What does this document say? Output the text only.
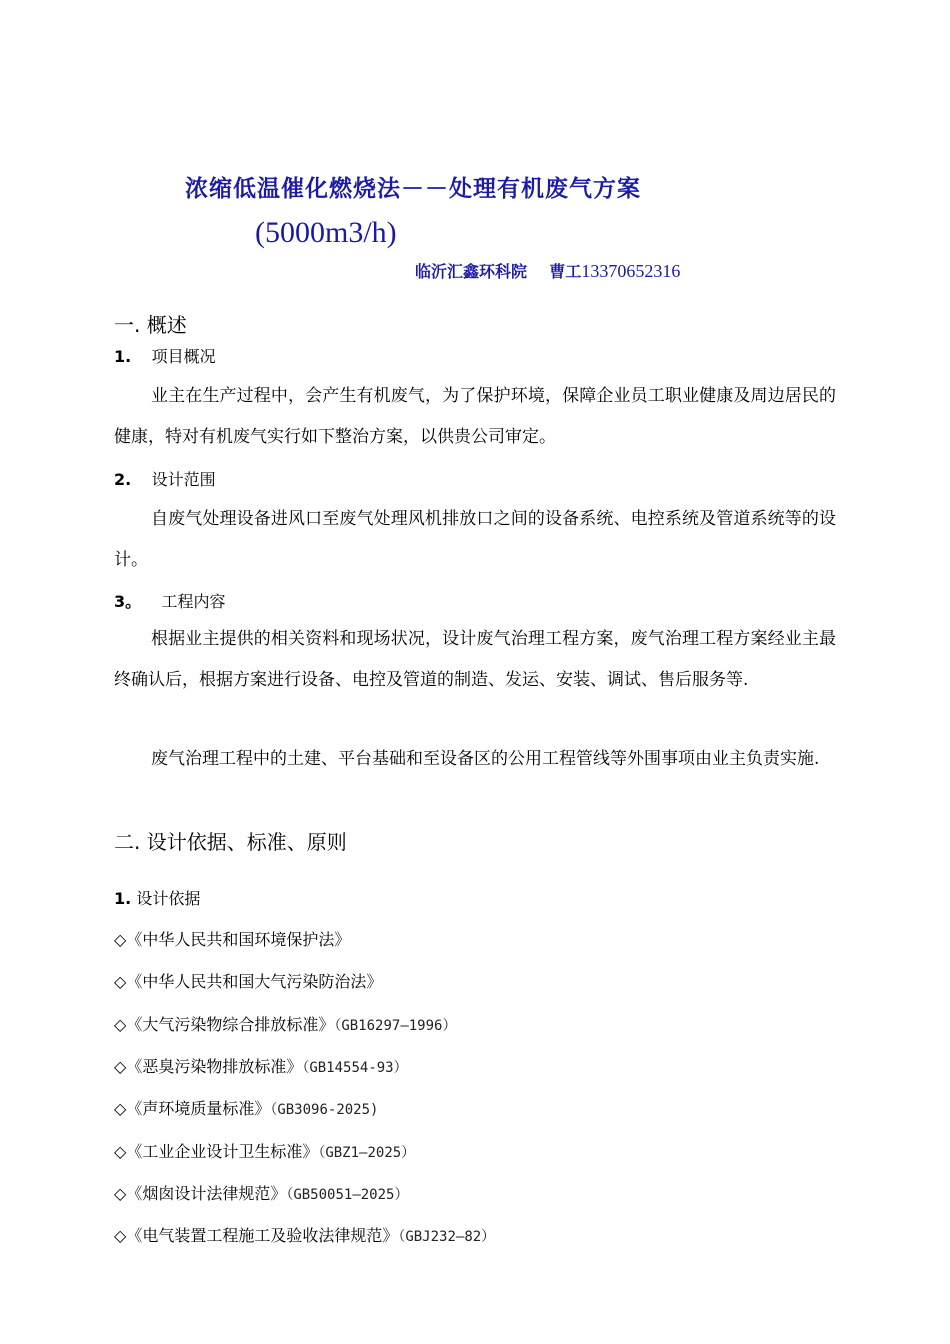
浓缩低温催化燃烧法－－处理有机废气方案
(5000m3/h)
临沂汇鑫环科院 曹工13370652316
一. 概述
1. 项目概况
业主在生产过程中，会产生有机废气，为了保护环境，保障企业员工职业健康及周边居民的健康，特对有机废气实行如下整治方案，以供贵公司审定。
2. 设计范围
自废气处理设备进风口至废气处理风机排放口之间的设备系统、电控系统及管道系统等的设计。
3。 工程内容
根据业主提供的相关资料和现场状况，设计废气治理工程方案，废气治理工程方案经业主最终确认后，根据方案进行设备、电控及管道的制造、发运、安装、调试、售后服务等.
废气治理工程中的土建、平台基础和至设备区的公用工程管线等外围事项由业主负责实施.
二. 设计依据、标准、原则
1. 设计依据
◇《中华人民共和国环境保护法》
◇《中华人民共和国大气污染防治法》
◇《大气污染物综合排放标准》（GB16297—1996）
◇《恶臭污染物排放标准》（GB14554-93）
◇《声环境质量标准》（GB3096-2025)
◇《工业企业设计卫生标准》（GBZ1—2025）
◇《烟囱设计法律规范》（GB50051—2025）
◇《电气装置工程施工及验收法律规范》（GBJ232—82）
